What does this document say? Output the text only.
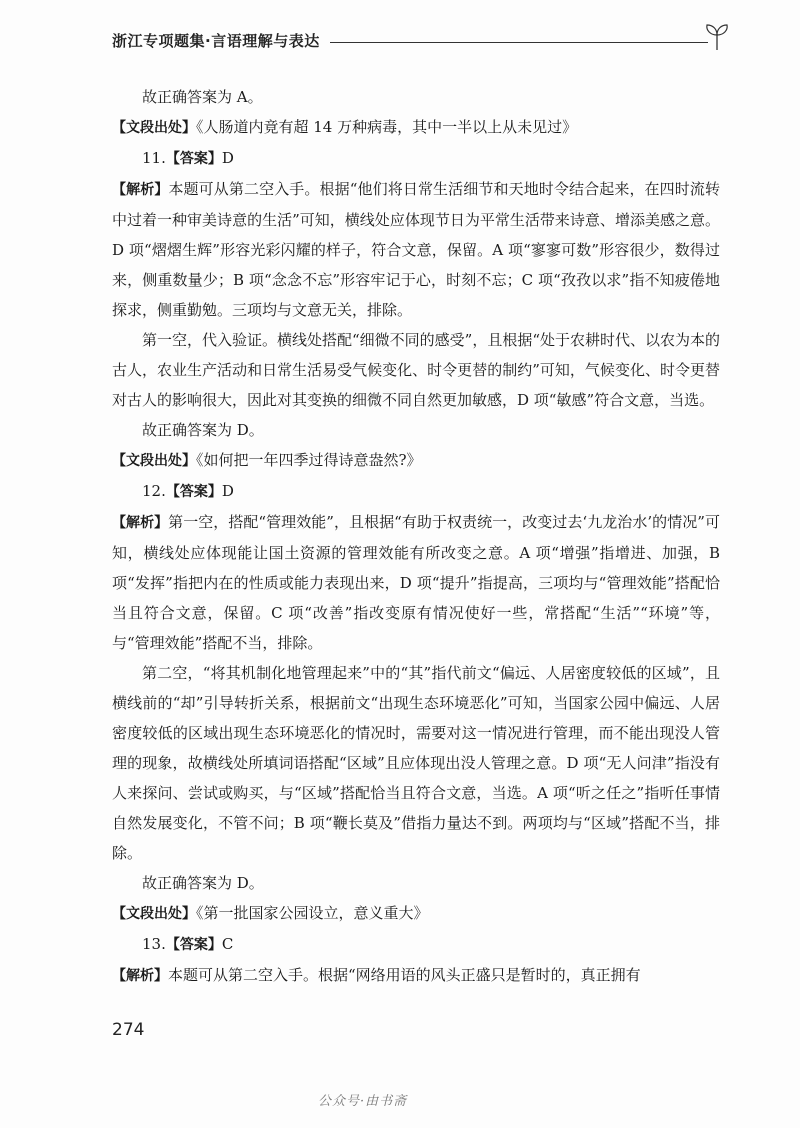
浙江专项题集·言语理解与表达

故正确答案为 A。

【文段出处】《人肠道内竟有超 14 万种病毒，其中一半以上从未见过》

11.【答案】D

【解析】本题可从第二空入手。根据“他们将日常生活细节和天地时令结合起来，在四时流转中过着一种审美诗意的生活”可知，横线处应体现节日为平常生活带来诗意、增添美感之意。D 项“熠熠生辉”形容光彩闪耀的样子，符合文意，保留。A 项“寥寥可数”形容很少，数得过来，侧重数量少；B 项“念念不忘”形容牢记于心，时刻不忘；C 项“孜孜以求”指不知疲倦地探求，侧重勤勉。三项均与文意无关，排除。

第一空，代入验证。横线处搭配“细微不同的感受”，且根据“处于农耕时代、以农为本的古人，农业生产活动和日常生活易受气候变化、时令更替的制约”可知，气候变化、时令更替对古人的影响很大，因此对其变换的细微不同自然更加敏感，D 项“敏感”符合文意，当选。

故正确答案为 D。

【文段出处】《如何把一年四季过得诗意盎然?》

12.【答案】D

【解析】第一空，搭配“管理效能”，且根据“有助于权责统一，改变过去‘九龙治水’的情况”可知，横线处应体现能让国土资源的管理效能有所改变之意。A 项“增强”指增进、加强，B 项“发挥”指把内在的性质或能力表现出来，D 项“提升”指提高，三项均与“管理效能”搭配恰当且符合文意，保留。C 项“改善”指改变原有情况使好一些，常搭配“生活”“环境”等，与“管理效能”搭配不当，排除。

第二空，“将其机制化地管理起来”中的“其”指代前文“偏远、人居密度较低的区域”，且横线前的“却”引导转折关系，根据前文“出现生态环境恶化”可知，当国家公园中偏远、人居密度较低的区域出现生态环境恶化的情况时，需要对这一情况进行管理，而不能出现没人管理的现象，故横线处所填词语搭配“区域”且应体现出没人管理之意。D 项“无人问津”指没有人来探问、尝试或购买，与“区域”搭配恰当且符合文意，当选。A 项“听之任之”指听任事情自然发展变化，不管不问；B 项“鞭长莫及”借指力量达不到。两项均与“区域”搭配不当，排除。

故正确答案为 D。

【文段出处】《第一批国家公园设立，意义重大》

13.【答案】C

【解析】本题可从第二空入手。根据“网络用语的风头正盛只是暂时的，真正拥有

274
公众号·由书斋
